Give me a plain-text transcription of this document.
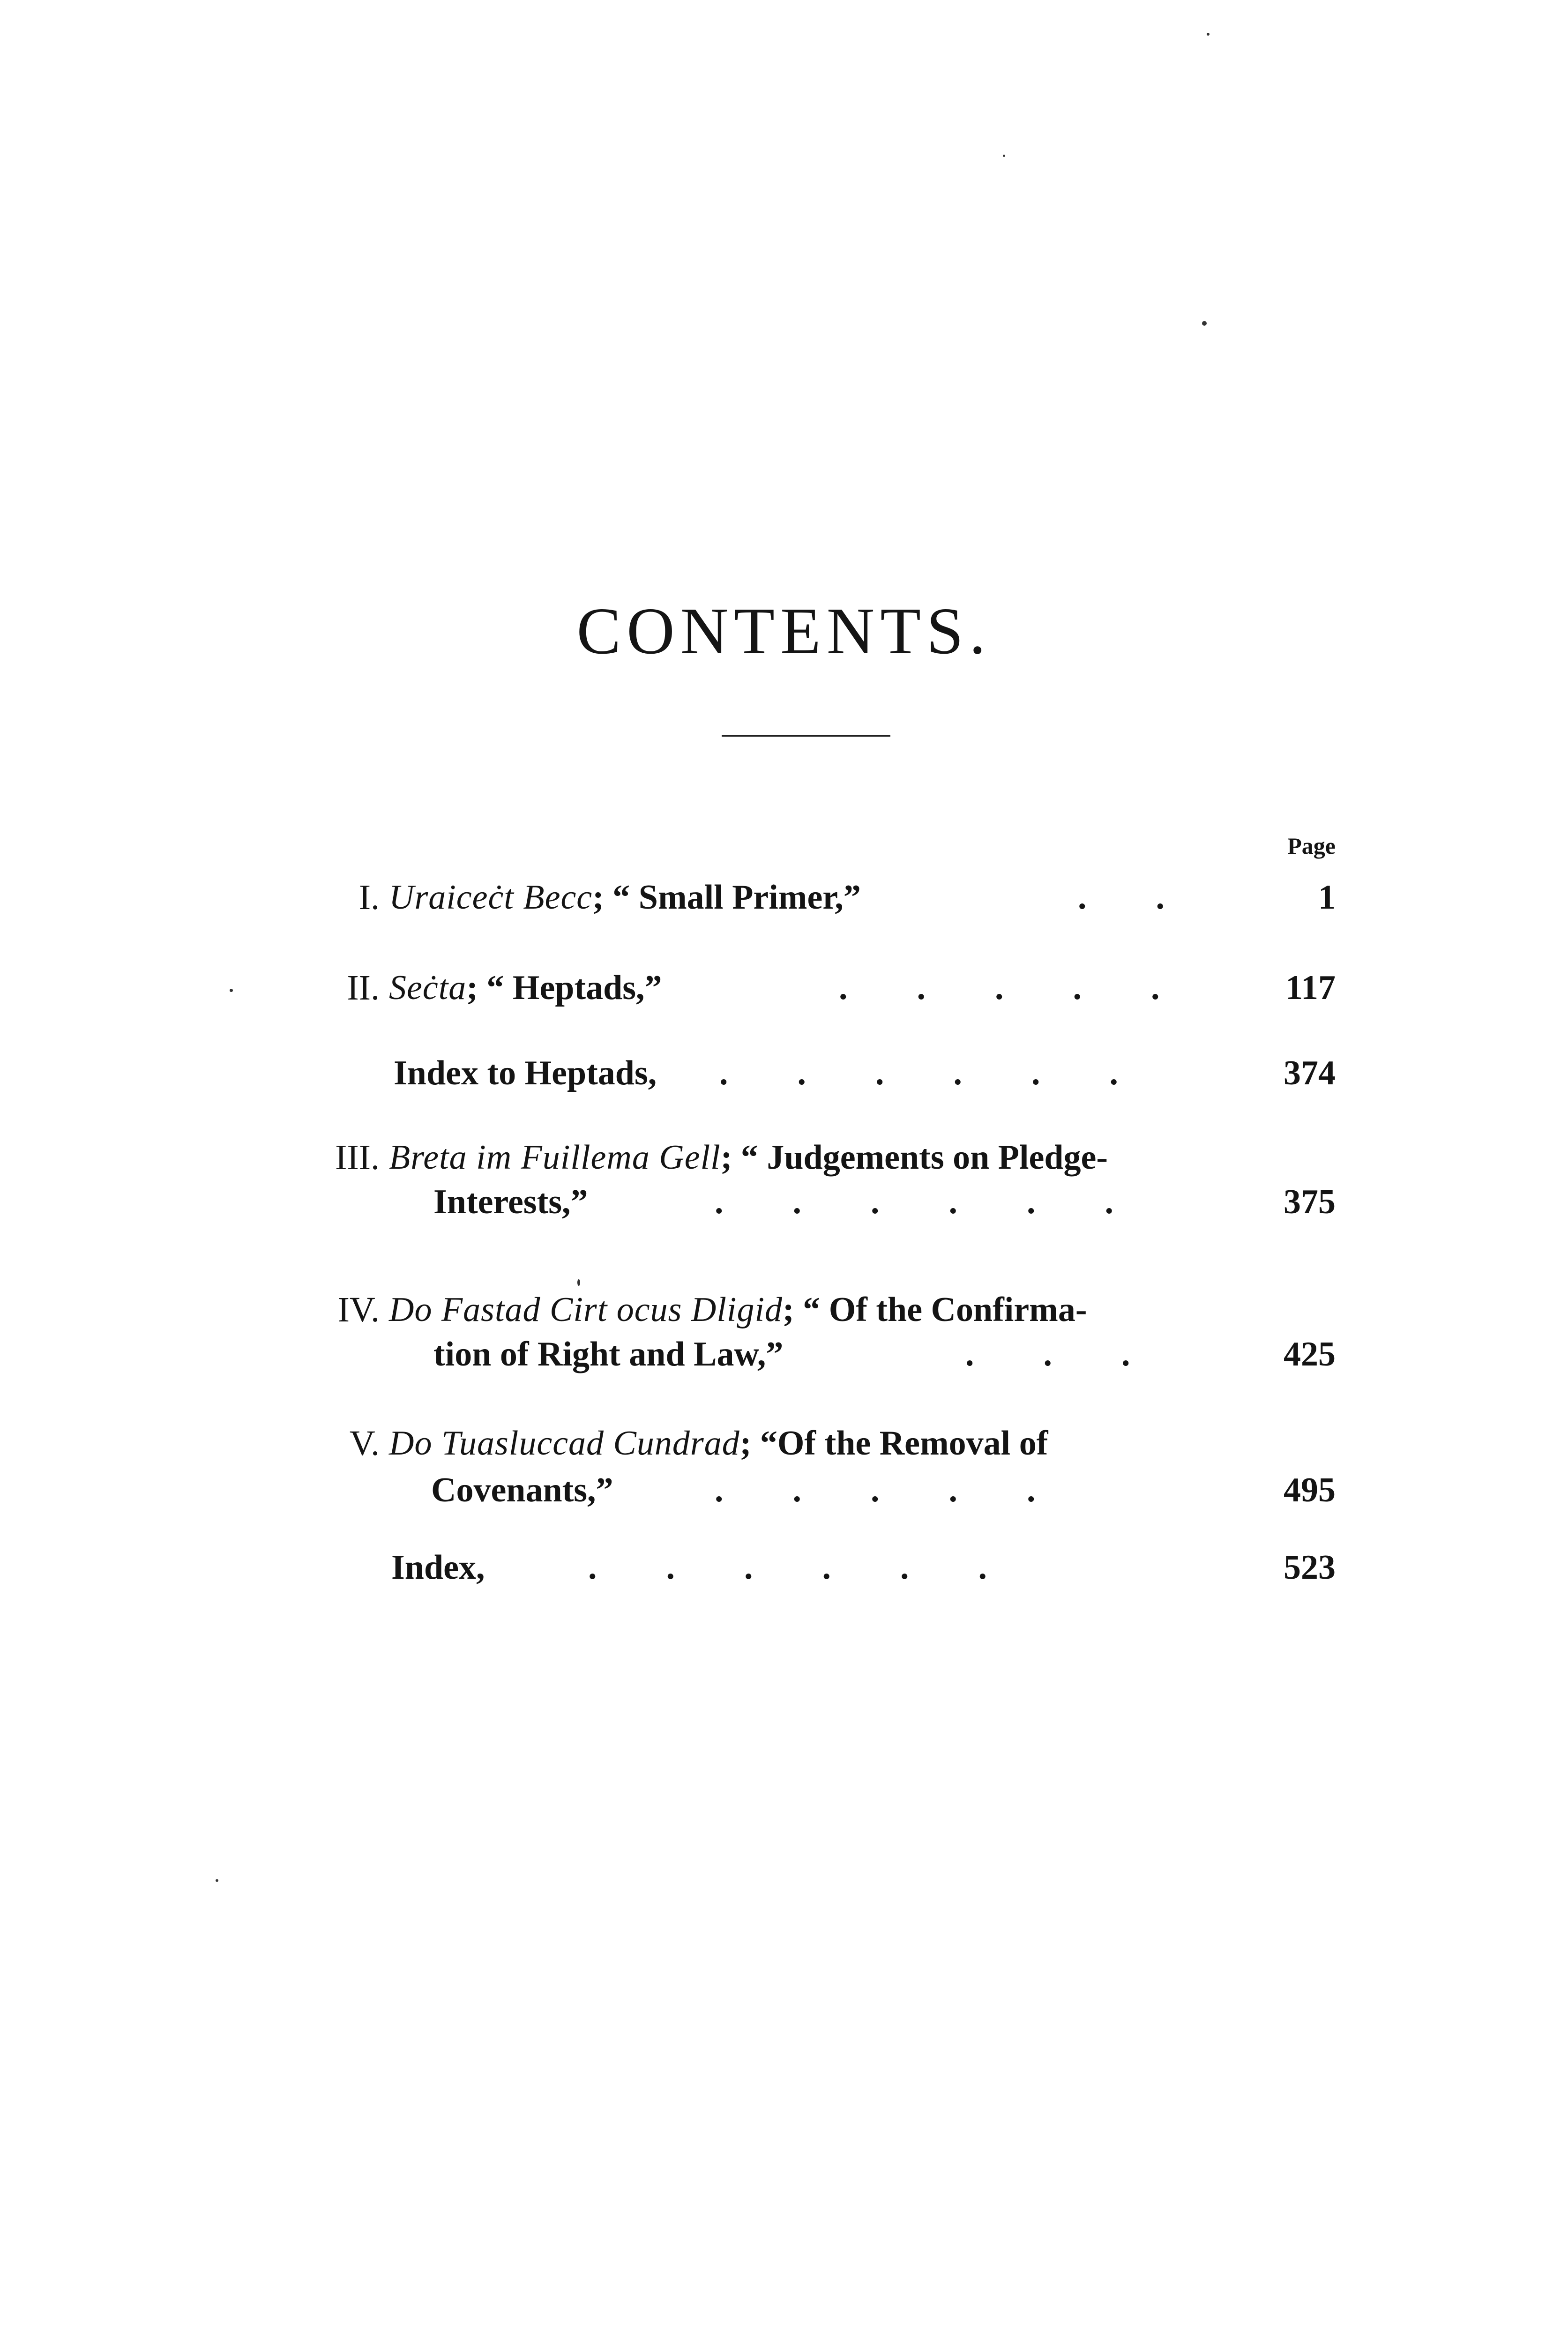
CONTENTS.
Page
I. Uraiceċt Becc; “ Small Primer,”	.        .	1
II. Seċta; “ Heptads,”	.        .        .        .        .	117
Index to Heptads, .        .        .        .        .        .	374
III. Breta im Fuillema Gell; “ Judgements on Pledge-
Interests,”	.        .        .        .        .        .	375
IV. Do Fastad Cirt ocus Dligid; “ Of the Confirma-
tion of Right and Law,”	.        .        .	425
V. Do Tuasluccad Cundrad; “Of the Removal of
Covenants,”	.        .        .        .        .	495
Index,	.        .        .        .        .        .	523
